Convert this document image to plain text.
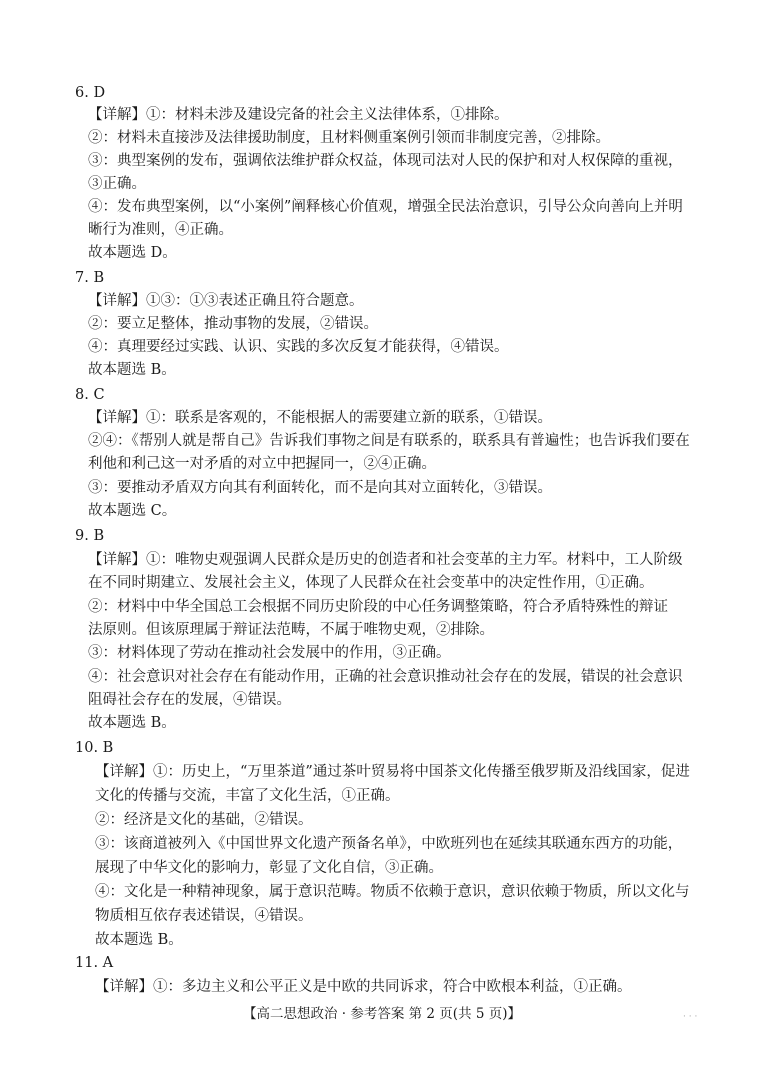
6. D
【详解】①：材料未涉及建设完备的社会主义法律体系，①排除。
②：材料未直接涉及法律援助制度，且材料侧重案例引领而非制度完善，②排除。
③：典型案例的发布，强调依法维护群众权益，体现司法对人民的保护和对人权保障的重视，
③正确。
④：发布典型案例，以“小案例”阐释核心价值观，增强全民法治意识，引导公众向善向上并明
晰行为准则，④正确。
故本题选 D。
7. B
【详解】①③：①③表述正确且符合题意。
②：要立足整体，推动事物的发展，②错误。
④：真理要经过实践、认识、实践的多次反复才能获得，④错误。
故本题选 B。
8. C
【详解】①：联系是客观的，不能根据人的需要建立新的联系，①错误。
②④：《帮别人就是帮自己》告诉我们事物之间是有联系的，联系具有普遍性；也告诉我们要在
利他和利己这一对矛盾的对立中把握同一，②④正确。
③：要推动矛盾双方向其有利面转化，而不是向其对立面转化，③错误。
故本题选 C。
9. B
【详解】①：唯物史观强调人民群众是历史的创造者和社会变革的主力军。材料中，工人阶级
在不同时期建立、发展社会主义，体现了人民群众在社会变革中的决定性作用，①正确。
②：材料中中华全国总工会根据不同历史阶段的中心任务调整策略，符合矛盾特殊性的辩证
法原则。但该原理属于辩证法范畴，不属于唯物史观，②排除。
③：材料体现了劳动在推动社会发展中的作用，③正确。
④：社会意识对社会存在有能动作用，正确的社会意识推动社会存在的发展，错误的社会意识
阻碍社会存在的发展，④错误。
故本题选 B。
10. B
【详解】①：历史上，“万里茶道”通过茶叶贸易将中国茶文化传播至俄罗斯及沿线国家，促进
文化的传播与交流，丰富了文化生活，①正确。
②：经济是文化的基础，②错误。
③：该商道被列入《中国世界文化遗产预备名单》，中欧班列也在延续其联通东西方的功能，
展现了中华文化的影响力，彰显了文化自信，③正确。
④：文化是一种精神现象，属于意识范畴。物质不依赖于意识，意识依赖于物质，所以文化与
物质相互依存表述错误，④错误。
故本题选 B。
11. A
【详解】①：多边主义和公平正义是中欧的共同诉求，符合中欧根本利益，①正确。
【高二思想政治 · 参考答案 第 2 页(共 5 页)】	· · ·
